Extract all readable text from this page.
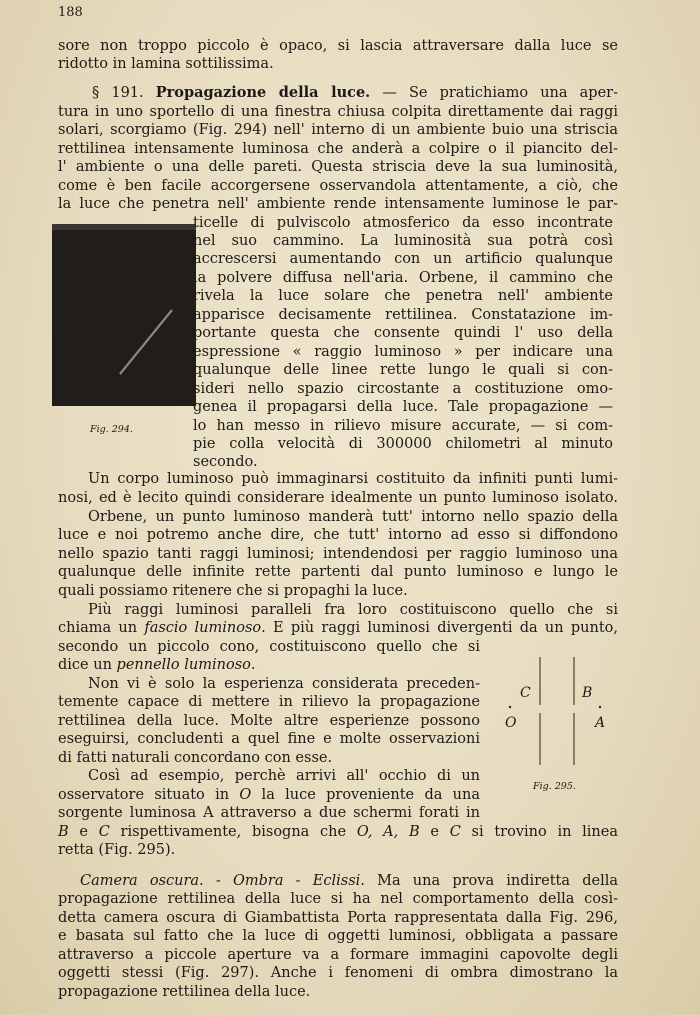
188
sore non troppo piccolo è opaco, si lascia attraversare dalla luce se
ridotto in lamina sottilissima.
§ 191. Propagazione della luce. — Se pratichiamo una aper-
tura in uno sportello di una finestra chiusa colpita direttamente dai raggi
solari, scorgiamo (Fig. 294) nell' interno di un ambiente buio una striscia
rettilinea intensamente luminosa che anderà a colpire o il piancito del-
l' ambiente o una delle pareti. Questa striscia deve la sua luminosità,
come è ben facile accorgersene osservandola attentamente, a ciò, che
la luce che penetra nell' ambiente rende intensamente luminose le par-
Fig. 294.
ticelle di pulviscolo atmosferico da esso incontrate
nel suo cammino. La luminosità sua potrà così
accrescersi aumentando con un artificio qualunque
la polvere diffusa nell'aria. Orbene, il cammino che
rivela la luce solare che penetra nell' ambiente
apparisce decisamente rettilinea. Constatazione im-
portante questa che consente quindi l' uso della
espressione « raggio luminoso » per indicare una
qualunque delle linee rette lungo le quali si con-
sideri nello spazio circostante a costituzione omo-
genea il propagarsi della luce. Tale propagazione —
lo han messo in rilievo misure accurate, — si com-
pie colla velocità di 300000 chilometri al minuto
secondo.
Un corpo luminoso può immaginarsi costituito da infiniti punti lumi-
nosi, ed è lecito quindi considerare idealmente un punto luminoso isolato.
Orbene, un punto luminoso manderà tutt' intorno nello spazio della
luce e noi potremo anche dire, che tutt' intorno ad esso si diffondono
nello spazio tanti raggi luminosi; intendendosi per raggio luminoso una
qualunque delle infinite rette partenti dal punto luminoso e lungo le
quali possiamo ritenere che si propaghi la luce.
Più raggi luminosi paralleli fra loro costituiscono quello che si
chiama un fascio luminoso. E più raggi luminosi divergenti da un punto,
secondo un piccolo cono, costituiscono quello che si
dice un pennello luminoso.
C	B
O	A
Fig. 295.
Non vi è solo la esperienza considerata preceden-
temente capace di mettere in rilievo la propagazione
rettilinea della luce. Molte altre esperienze possono
eseguirsi, concludenti a quel fine e molte osservazioni
di fatti naturali concordano con esse.
Così ad esempio, perchè arrivi all' occhio di un
osservatore situato in O la luce proveniente da una
sorgente luminosa A attraverso a due schermi forati in
B e C rispettivamente, bisogna che O, A, B e C si trovino in linea
retta (Fig. 295).
Camera oscura. - Ombra - Eclissi. Ma una prova indiretta della
propagazione rettilinea della luce si ha nel comportamento della così-
detta camera oscura di Giambattista Porta rappresentata dalla Fig. 296,
e basata sul fatto che la luce di oggetti luminosi, obbligata a passare
attraverso a piccole aperture va a formare immagini capovolte degli
oggetti stessi (Fig. 297). Anche i fenomeni di ombra dimostrano la
propagazione rettilinea della luce.
